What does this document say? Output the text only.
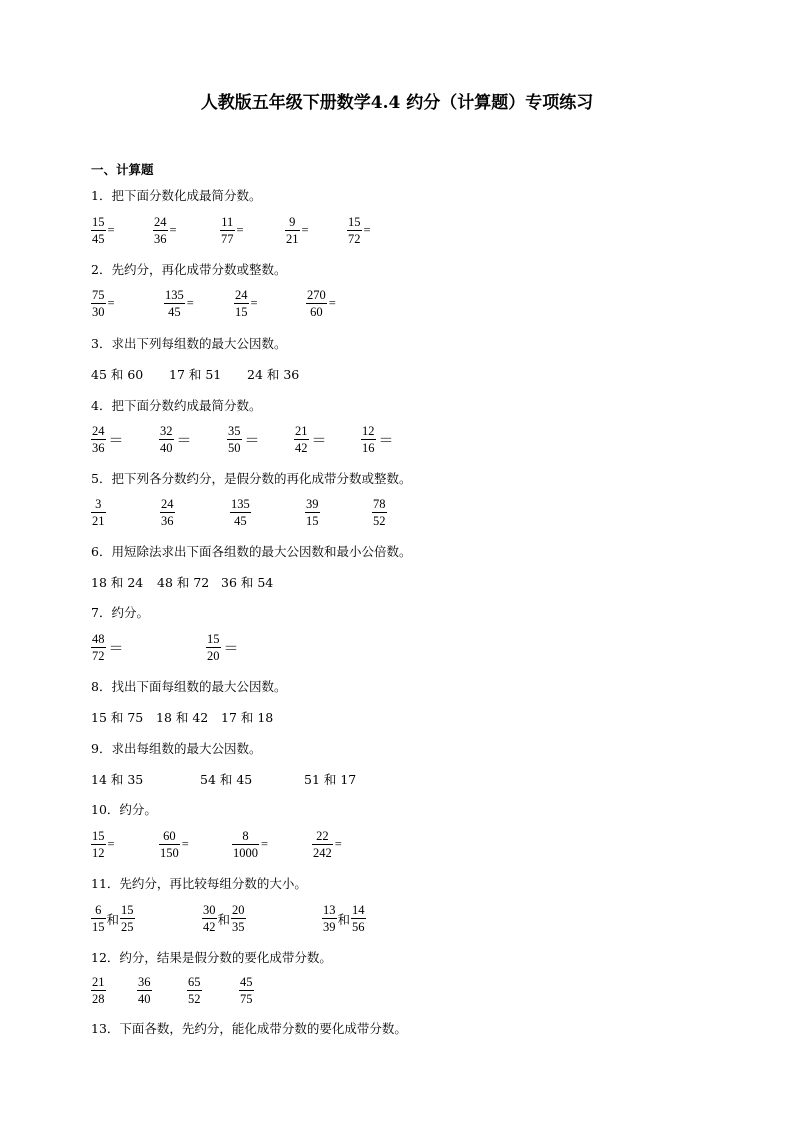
人教版五年级下册数学4.4 约分（计算题）专项练习
一、计算题
1．把下面分数化成最简分数。
$\frac{15}{45}$ =	$\frac{24}{36}$ =	$\frac{11}{77}$ =	$\frac{9}{21}$ =	$\frac{15}{72}$ =
2．先约分，再化成带分数或整数。
$\frac{75}{30}$ =	$\frac{135}{45}$ =	$\frac{24}{15}$ =	$\frac{270}{60}$ =
3．求出下列每组数的最大公因数。
45 和 60 17 和 51 24 和 36
4．把下面分数约成最简分数。
$\frac{24}{36}$ ＝	$\frac{32}{40}$ ＝	$\frac{35}{50}$ ＝	$\frac{21}{42}$ ＝	$\frac{12}{16}$ ＝
5．把下列各分数约分，是假分数的再化成带分数或整数。
$\frac{3}{21}$	$\frac{24}{36}$	$\frac{135}{45}$	$\frac{39}{15}$	$\frac{78}{52}$
6．用短除法求出下面各组数的最大公因数和最小公倍数。
18 和 24 48 和 72 36 和 54
7．约分。
$\frac{48}{72}$ ＝	$\frac{15}{20}$ ＝
8．找出下面每组数的最大公因数。
15 和 75 18 和 42 17 和 18
9．求出每组数的最大公因数。
14 和 35	54 和 45	51 和 17
10．约分。
$\frac{15}{12}$ =	$\frac{60}{150}$ =	$\frac{8}{1000}$ =	$\frac{22}{242}$ =
11．先约分，再比较每组分数的大小。
$\frac{6}{15}$ 和 $\frac{15}{25}$	$\frac{30}{42}$ 和 $\frac{20}{35}$	$\frac{13}{39}$ 和 $\frac{14}{56}$
12．约分，结果是假分数的要化成带分数。
$\frac{21}{28}$	$\frac{36}{40}$	$\frac{65}{52}$	$\frac{45}{75}$
13．下面各数，先约分，能化成带分数的要化成带分数。
